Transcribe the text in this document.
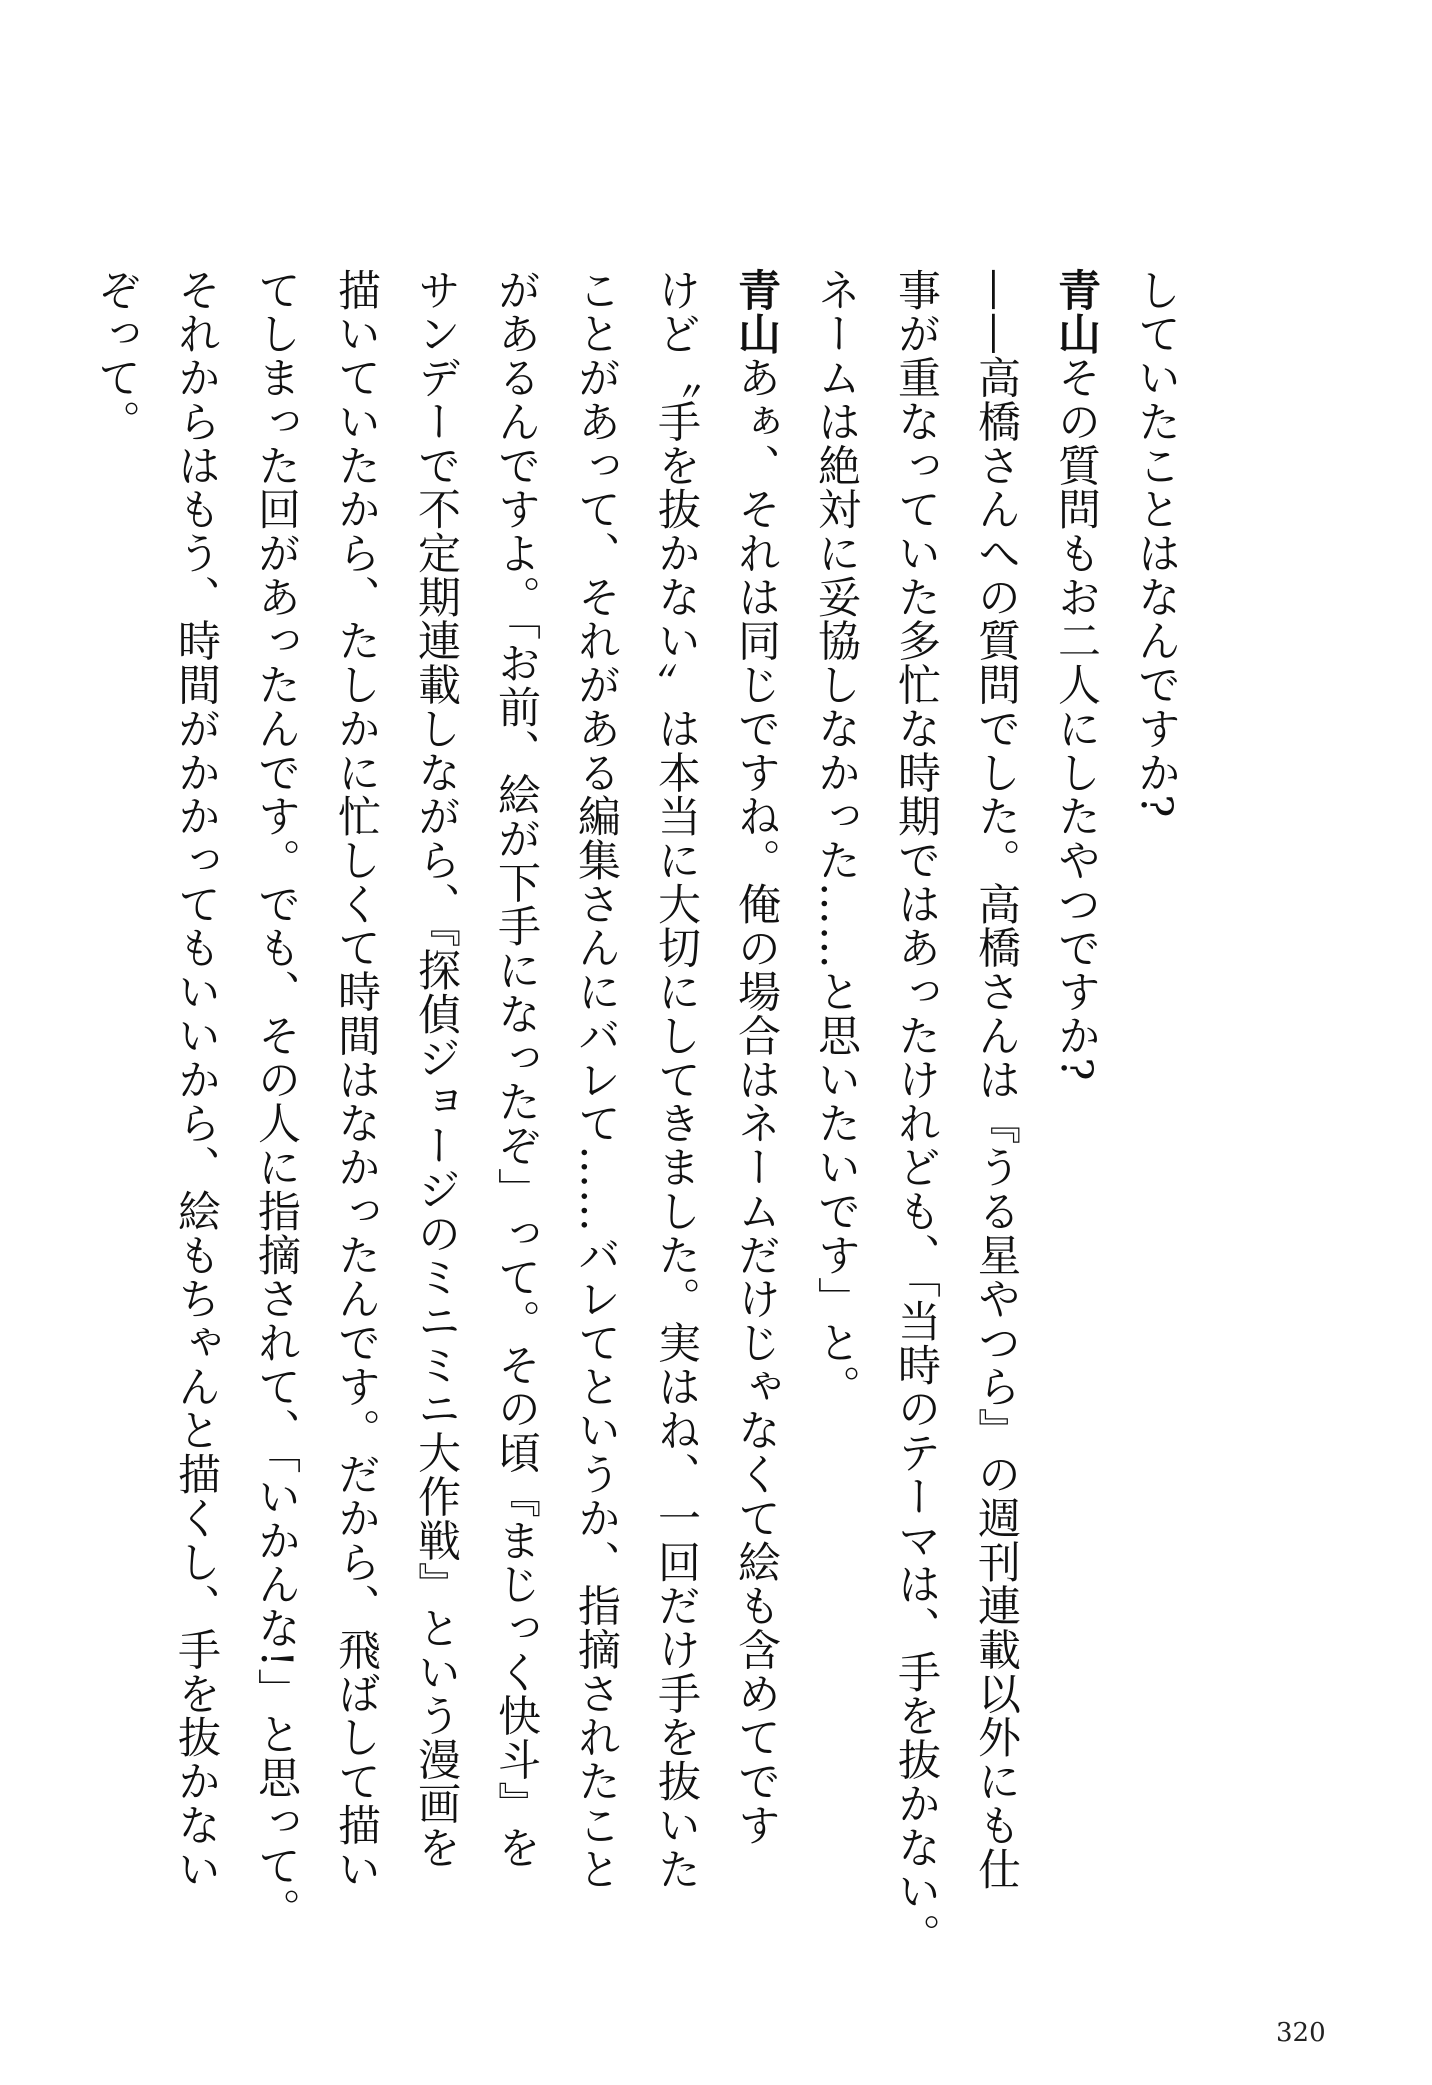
していたことはなんですか?
青山その質問もお二人にしたやつですか?
——高橋さんへの質問でした。高橋さんは『うる星やつら』の週刊連載以外にも仕
事が重なっていた多忙な時期ではあったけれども、「当時のテーマは、手を抜かない。
ネームは絶対に妥協しなかった……と思いたいです」と。
青山あぁ、それは同じですね。俺の場合はネームだけじゃなくて絵も含めてです
けど〝手を抜かない〟は本当に大切にしてきました。実はね、一回だけ手を抜いた
ことがあって、それがある編集さんにバレて……バレてというか、指摘されたこと
があるんですよ。「お前、絵が下手になったぞ」って。その頃『まじっく快斗』を
サンデーで不定期連載しながら、『探偵ジョージのミニミニ大作戦』という漫画を
描いていたから、たしかに忙しくて時間はなかったんです。だから、飛ばして描い
てしまった回があったんです。でも、その人に指摘されて、「いかんな!」と思って。
それからはもう、時間がかかってもいいから、絵もちゃんと描くし、手を抜かない
ぞって。
320
